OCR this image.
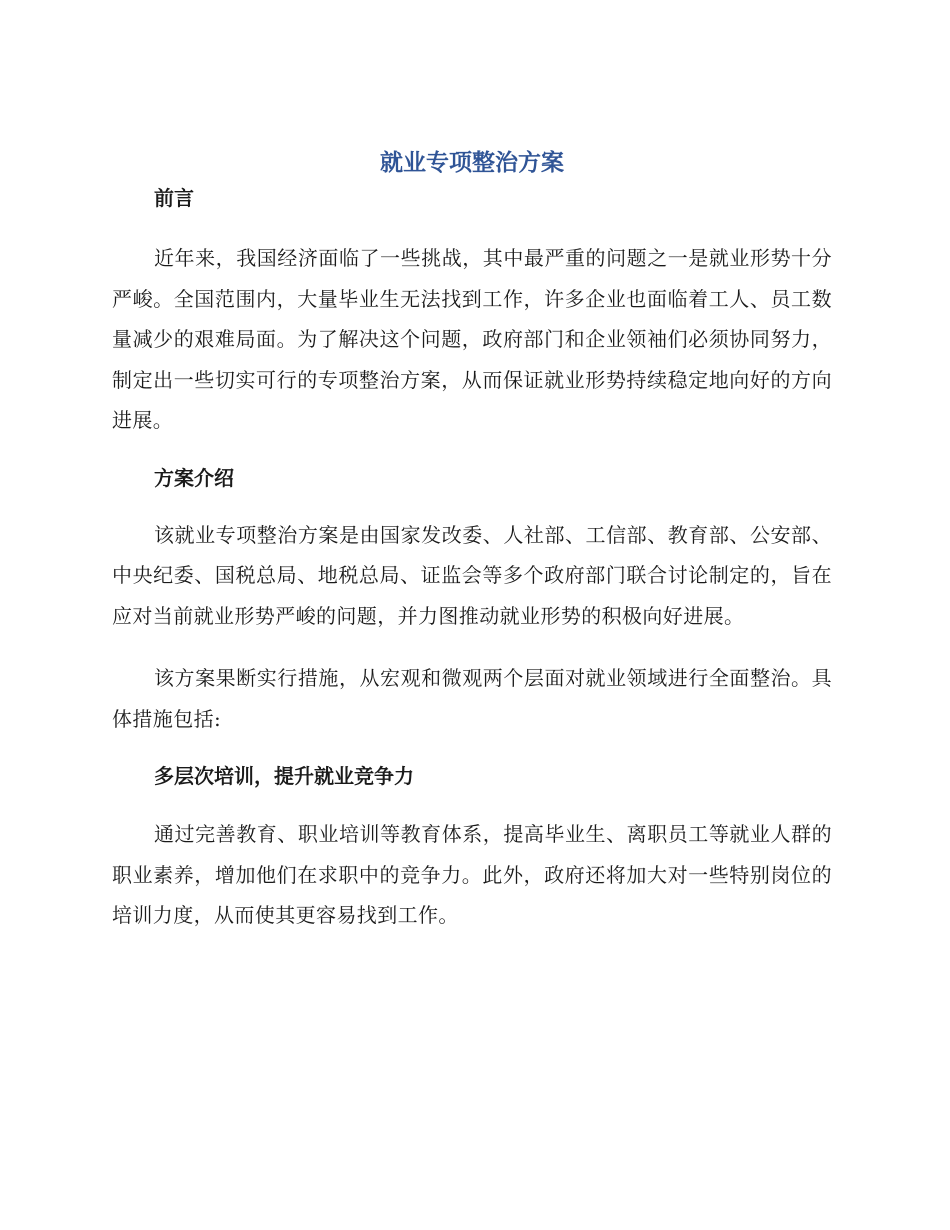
就业专项整治方案
前言

近年来，我国经济面临了一些挑战，其中最严重的问题之一是就业形势十分严峻。全国范围内，大量毕业生无法找到工作，许多企业也面临着工人、员工数量减少的艰难局面。为了解决这个问题，政府部门和企业领袖们必须协同努力，制定出一些切实可行的专项整治方案，从而保证就业形势持续稳定地向好的方向进展。

方案介绍

该就业专项整治方案是由国家发改委、人社部、工信部、教育部、公安部、中央纪委、国税总局、地税总局、证监会等多个政府部门联合讨论制定的，旨在应对当前就业形势严峻的问题，并力图推动就业形势的积极向好进展。

该方案果断实行措施，从宏观和微观两个层面对就业领域进行全面整治。具体措施包括:

多层次培训，提升就业竞争力

通过完善教育、职业培训等教育体系，提高毕业生、离职员工等就业人群的职业素养，增加他们在求职中的竞争力。此外，政府还将加大对一些特别岗位的培训力度，从而使其更容易找到工作。
